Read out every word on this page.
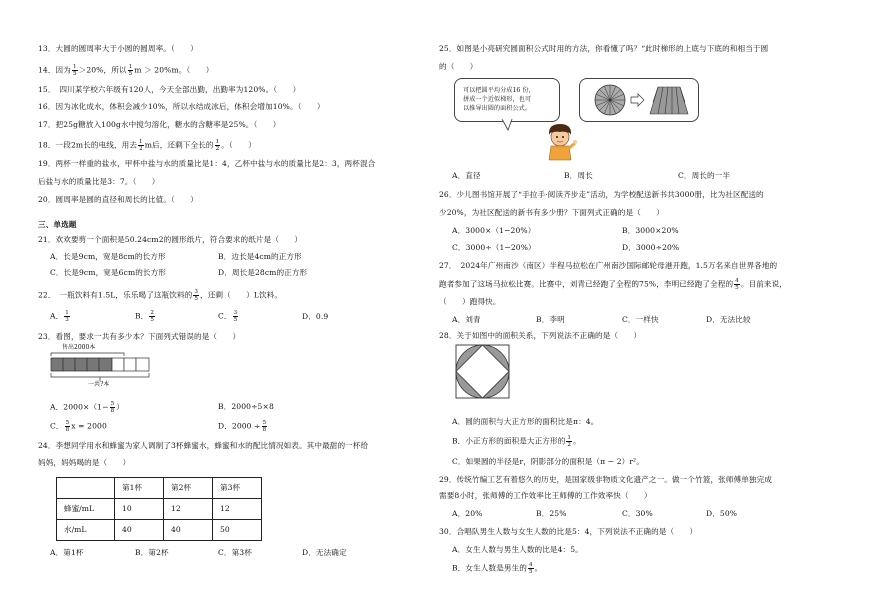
13．大圆的圆周率大于小圆的圆周率。（　　）
14．因为 $\frac{1}{5} >20\%$，所以 $\frac{1}{5}$ m ＞ 20%m。（　　）
15．　四川某学校六年级有120人，今天全部出勤，出勤率为120%。（　　）
16．因为冰化成水，体积会减少10%，所以水结成冰后，体积会增加10%。（　　）
17．把25g糖放入100g水中搅匀溶化，糖水的含糖率是25%。（　　）
18．一段2m长的电线，用去 $\frac{1}{2}$ m后，还剩下全长的 $\frac{1}{2}$ 。（　　）
19．两杯一样重的盐水，甲杯中盐与水的质量比是1：4，乙杯中盐与水的质量比是2：3，两杯混合
后盐与水的质量比是3：7。（　　）
20．圆周率是圆的直径和周长的比值。（　　）
三、单选题
21．欢欢要剪一个面积是50.24cm2的圆形纸片，符合要求的纸片是（　　）
A．长是9cm，宽是8cm的长方形	B．边长是4cm的正方形
C．长是9cm，宽是6cm的长方形	D．周长是28cm的正方形
22．　一瓶饮料有1.5L，乐乐喝了这瓶饮料的 $\frac{3}{5}$ ，还剩（　　）L饮料。
A． $\frac{1}{3}$	B． $\frac{2}{5}$	C． $\frac{3}{5}$	D．0.9
23．看图，要求一共有多少本？下面列式错误的是（　　）
售出2000本
一共?本
A．$2000\times(1- \frac{5}{8}$ ）	B．2000÷5×8
C． $\frac{5}{8}$ x = 2000	D．$2000 \div \frac{5}{8}$
24．李想同学用水和蜂蜜为家人调制了3杯蜂蜜水，蜂蜜和水的配比情况如表。其中最甜的一杯给
妈妈，妈妈喝的是（　　）
	第1杯	第2杯	第3杯
蜂蜜/mL	10	12	12
水/mL	40	40	50
A．第1杯	B．第2杯	C．第3杯	D．无法确定
25．如图是小亮研究圆面积公式时用的方法，你看懂了吗？“此时梯形的上底与下底的和相当于圆
的（　　）
可以把圆平均分成16 份，
拼成一个近似梯形，也可
以推导出圆的面积公式。
A．直径	B．周长	C．周长的一半
26．少儿图书馆开展了“手拉手·阅读齐步走”活动，为学校配送新书共3000册，比为社区配送的
少20%，为社区配送的新书有多少册？下面列式正确的是（　　）
A．3000×（1−20%）	B．3000×20%
C．3000÷（1−20%）	D．3000÷20%
27．　2024年广州南沙（南区）半程马拉松在广州南沙国际邮轮母港开跑，1.5万名来自世界各地的
跑者参加了这场马拉松比赛。比赛中，刘青已经跑了全程的75%，李明已经跑了全程的 $\frac{4}{5}$ 。目前来说，
（　　）跑得快。
A．刘青	B．李明	C．一样快	D．无法比较
28．关于如图中的面积关系，下列说法不正确的是（　　）
A．圆的面积与大正方形的面积比是π：4。
B．小正方形的面积是大正方形的 $\frac{1}{2}$ 。
C．如果圆的半径是r，阴影部分的面积是（π − 2）r²。
29．传统竹编工艺有着悠久的历史，是国家级非物质文化遗产之一。做一个竹篮，张师傅单独完成
需要8小时，张师傅的工作效率比王师傅的工作效率快（　　）
A．20%	B．25%	C．30%	D．50%
30．合唱队男生人数与女生人数的比是5：4，下列说法不正确的是（　　）
A．女生人数与男生人数的比是4：5。
B．女生人数是男生的 $\frac{4}{5}$ 。
